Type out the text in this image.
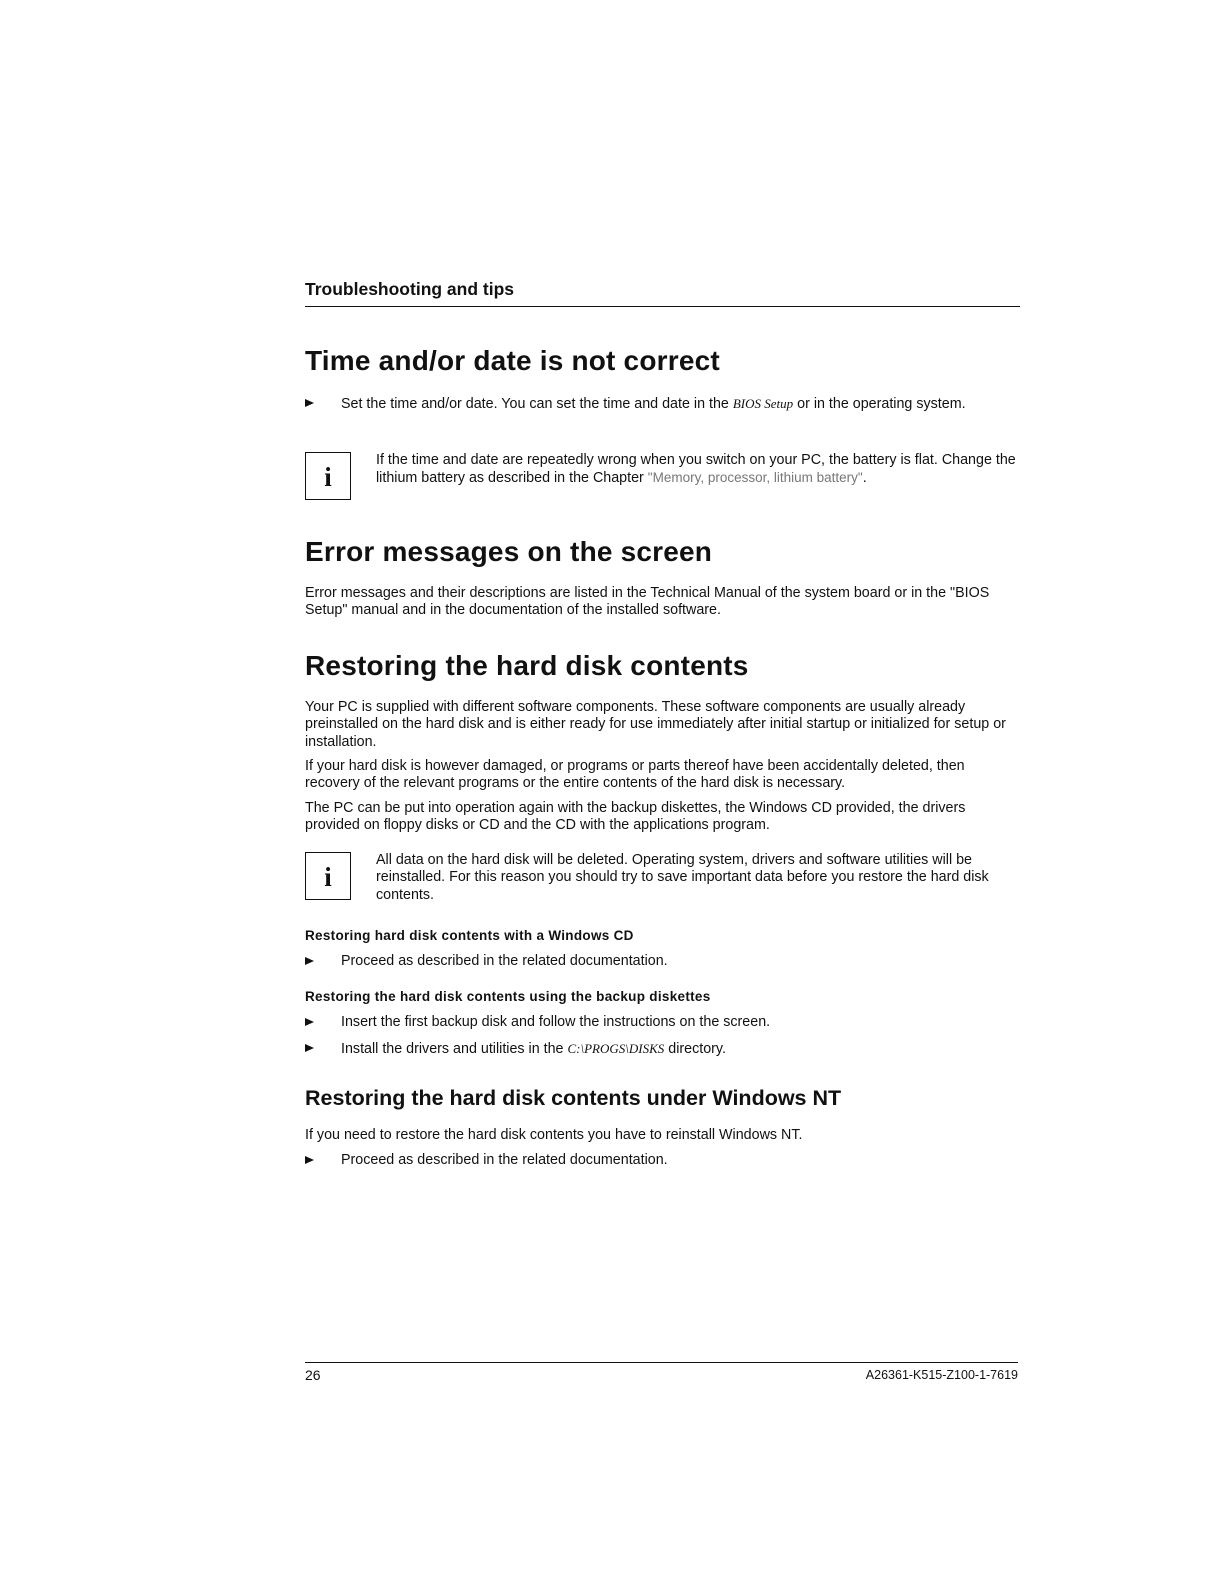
Troubleshooting and tips
Time and/or date is not correct
Set the time and/or date. You can set the time and date in the BIOS Setup or in the operating system.
i
If the time and date are repeatedly wrong when you switch on your PC, the battery is flat. Change the lithium battery as described in the Chapter "Memory, processor, lithium battery".
Error messages on the screen

Error messages and their descriptions are listed in the Technical Manual of the system board or in the "BIOS Setup" manual and in the documentation of the installed software.

Restoring the hard disk contents

Your PC is supplied with different software components. These software components are usually already preinstalled on the hard disk and is either ready for use immediately after initial startup or initialized for setup or installation.

If your hard disk is however damaged, or programs or parts thereof have been accidentally deleted, then recovery of the relevant programs or the entire contents of the hard disk is necessary.

The PC can be put into operation again with the backup diskettes, the Windows CD provided, the drivers provided on floppy disks or CD and the CD with the applications program.

i
All data on the hard disk will be deleted. Operating system, drivers and software utilities will be reinstalled. For this reason you should try to save important data before you restore the hard disk contents.
Restoring hard disk contents with a Windows CD
Proceed as described in the related documentation.
Restoring the hard disk contents using the backup diskettes
Insert the first backup disk and follow the instructions on the screen.
Install the drivers and utilities in the C:\PROGS\DISKS directory.
Restoring the hard disk contents under Windows NT

If you need to restore the hard disk contents you have to reinstall Windows NT.

Proceed as described in the related documentation.
26	A26361-K515-Z100-1-7619
